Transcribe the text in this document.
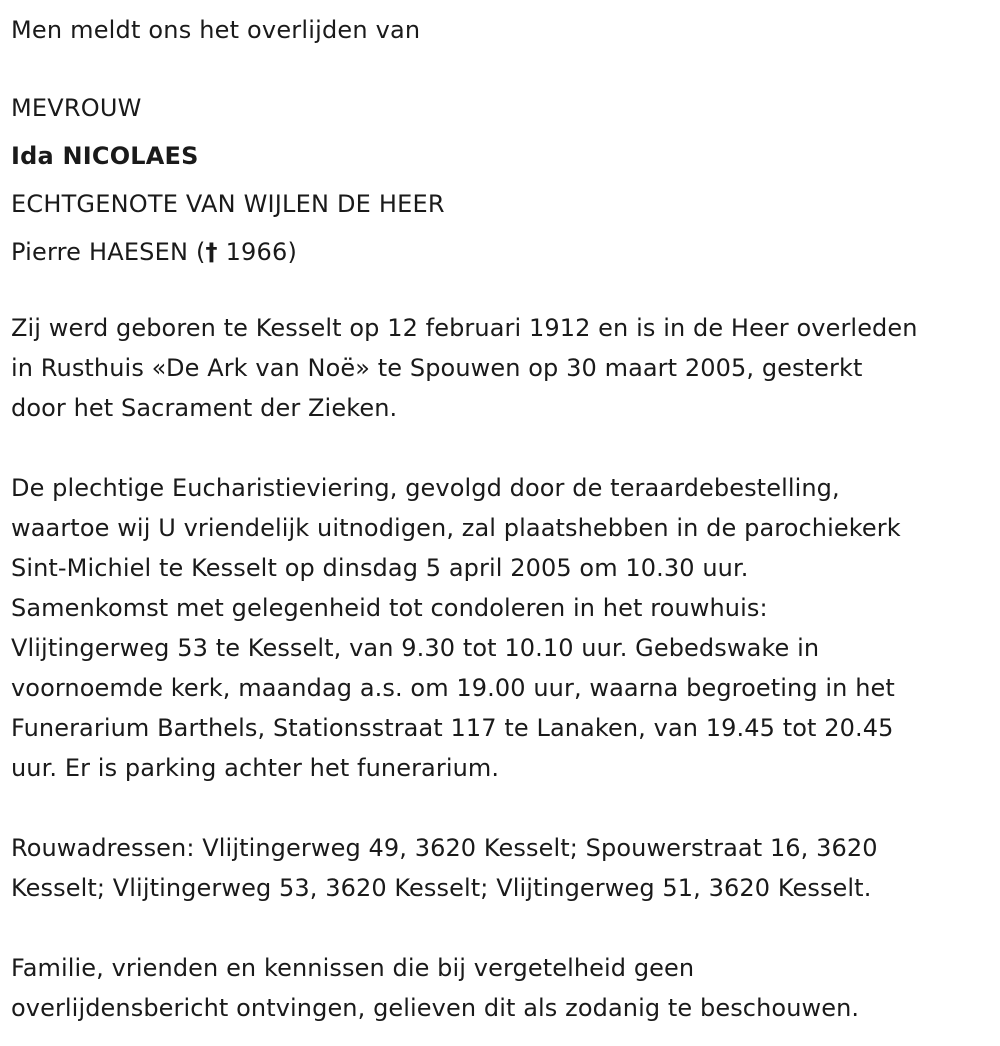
Men meldt ons het overlijden van
MEVROUW
Ida NICOLAES
ECHTGENOTE VAN WIJLEN DE HEER
Pierre HAESEN († 1966)
Zij werd geboren te Kesselt op 12 februari 1912 en is in de Heer overleden
in Rusthuis «De Ark van Noë» te Spouwen op 30 maart 2005, gesterkt
door het Sacrament der Zieken.
De plechtige Eucharistieviering, gevolgd door de teraardebestelling,
waartoe wij U vriendelijk uitnodigen, zal plaatshebben in de parochiekerk
Sint-Michiel te Kesselt op dinsdag 5 april 2005 om 10.30 uur.
Samenkomst met gelegenheid tot condoleren in het rouwhuis:
Vlijtingerweg 53 te Kesselt, van 9.30 tot 10.10 uur. Gebedswake in
voornoemde kerk, maandag a.s. om 19.00 uur, waarna begroeting in het
Funerarium Barthels, Stationsstraat 117 te Lanaken, van 19.45 tot 20.45
uur. Er is parking achter het funerarium.
Rouwadressen: Vlijtingerweg 49, 3620 Kesselt; Spouwerstraat 16, 3620
Kesselt; Vlijtingerweg 53, 3620 Kesselt; Vlijtingerweg 51, 3620 Kesselt.
Familie, vrienden en kennissen die bij vergetelheid geen
overlijdensbericht ontvingen, gelieven dit als zodanig te beschouwen.
